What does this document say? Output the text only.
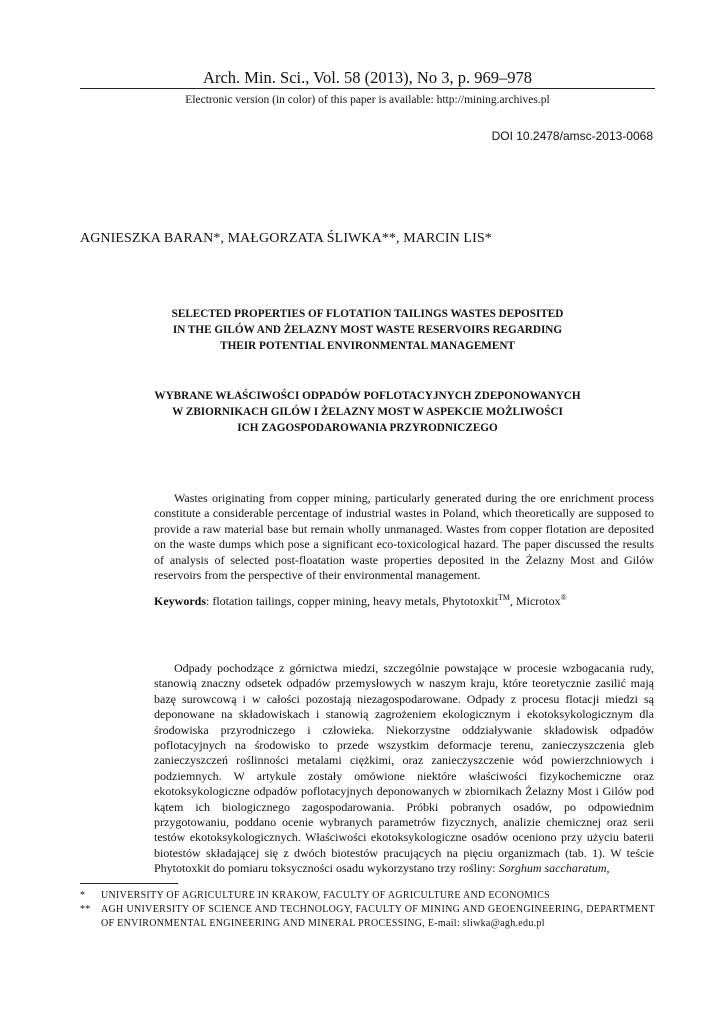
Arch. Min. Sci., Vol. 58 (2013), No 3, p. 969–978
Electronic version (in color) of this paper is available: http://mining.archives.pl
DOI 10.2478/amsc-2013-0068
AGNIESZKA BARAN*, MAŁGORZATA ŚLIWKA**, MARCIN LIS*
SELECTED PROPERTIES OF FLOTATION TAILINGS WASTES DEPOSITED
IN THE GILÓW AND ŻELAZNY MOST WASTE RESERVOIRS REGARDING
THEIR POTENTIAL ENVIRONMENTAL MANAGEMENT
WYBRANE WŁAŚCIWOŚCI ODPADÓW POFLOTACYJNYCH ZDEPONOWANYCH
W ZBIORNIKACH GILÓW I ŻELAZNY MOST W ASPEKCIE MOŻLIWOŚCI
ICH ZAGOSPODAROWANIA PRZYRODNICZEGO

Wastes originating from copper mining, particularly generated during the ore enrichment process constitute a considerable percentage of industrial wastes in Poland, which theoretically are supposed to provide a raw material base but remain wholly unmanaged. Wastes from copper flotation are deposited on the waste dumps which pose a significant eco-toxicological hazard. The paper discussed the results of analysis of selected post-floatation waste properties deposited in the Żelazny Most and Gilów reservoirs from the perspective of their environmental management.

Keywords: flotation tailings, copper mining, heavy metals, Phytotoxkit™, Microtox®

Odpady pochodzące z górnictwa miedzi, szczególnie powstające w procesie wzbogacania rudy, stanowią znaczny odsetek odpadów przemysłowych w naszym kraju, które teoretycznie zasilić mają bazę surowcową i w całości pozostają niezagospodarowane. Odpady z procesu flotacji miedzi są deponowane na składowiskach i stanowią zagrożeniem ekologicznym i ekotoksykologicznym dla środowiska przyrodniczego i człowieka. Niekorzystne oddziaływanie składowisk odpadów poflotacyjnych na środowisko to przede wszystkim deformacje terenu, zanieczyszczenia gleb zanieczyszczeń roślinności metalami ciężkimi, oraz zanieczyszczenie wód powierzchniowych i podziemnych. W artykule zostały omówione niektóre właściwości fizykochemiczne oraz ekotoksykologiczne odpadów poflotacyjnych deponowanych w zbiornikach Żelazny Most i Gilów pod kątem ich biologicznego zagospodarowania. Próbki pobranych osadów, po odpowiednim przygotowaniu, poddano ocenie wybranych parametrów fizycznych, analizie chemicznej oraz serii testów ekotoksykologicznych. Właściwości ekotoksykologiczne osadów oceniono przy użyciu baterii biotestów składającej się z dwóch biotestów pracujących na pięciu organizmach (tab. 1). W teście Phytotoxkit do pomiaru toksyczności osadu wykorzystano trzy rośliny: Sorghum saccharatum,

* UNIVERSITY OF AGRICULTURE IN KRAKOW, FACULTY OF AGRICULTURE AND ECONOMICS
** AGH UNIVERSITY OF SCIENCE AND TECHNOLOGY, FACULTY OF MINING AND GEOENGINEERING, DEPARTMENT OF ENVIRONMENTAL ENGINEERING AND MINERAL PROCESSING, E-mail: sliwka@agh.edu.pl
